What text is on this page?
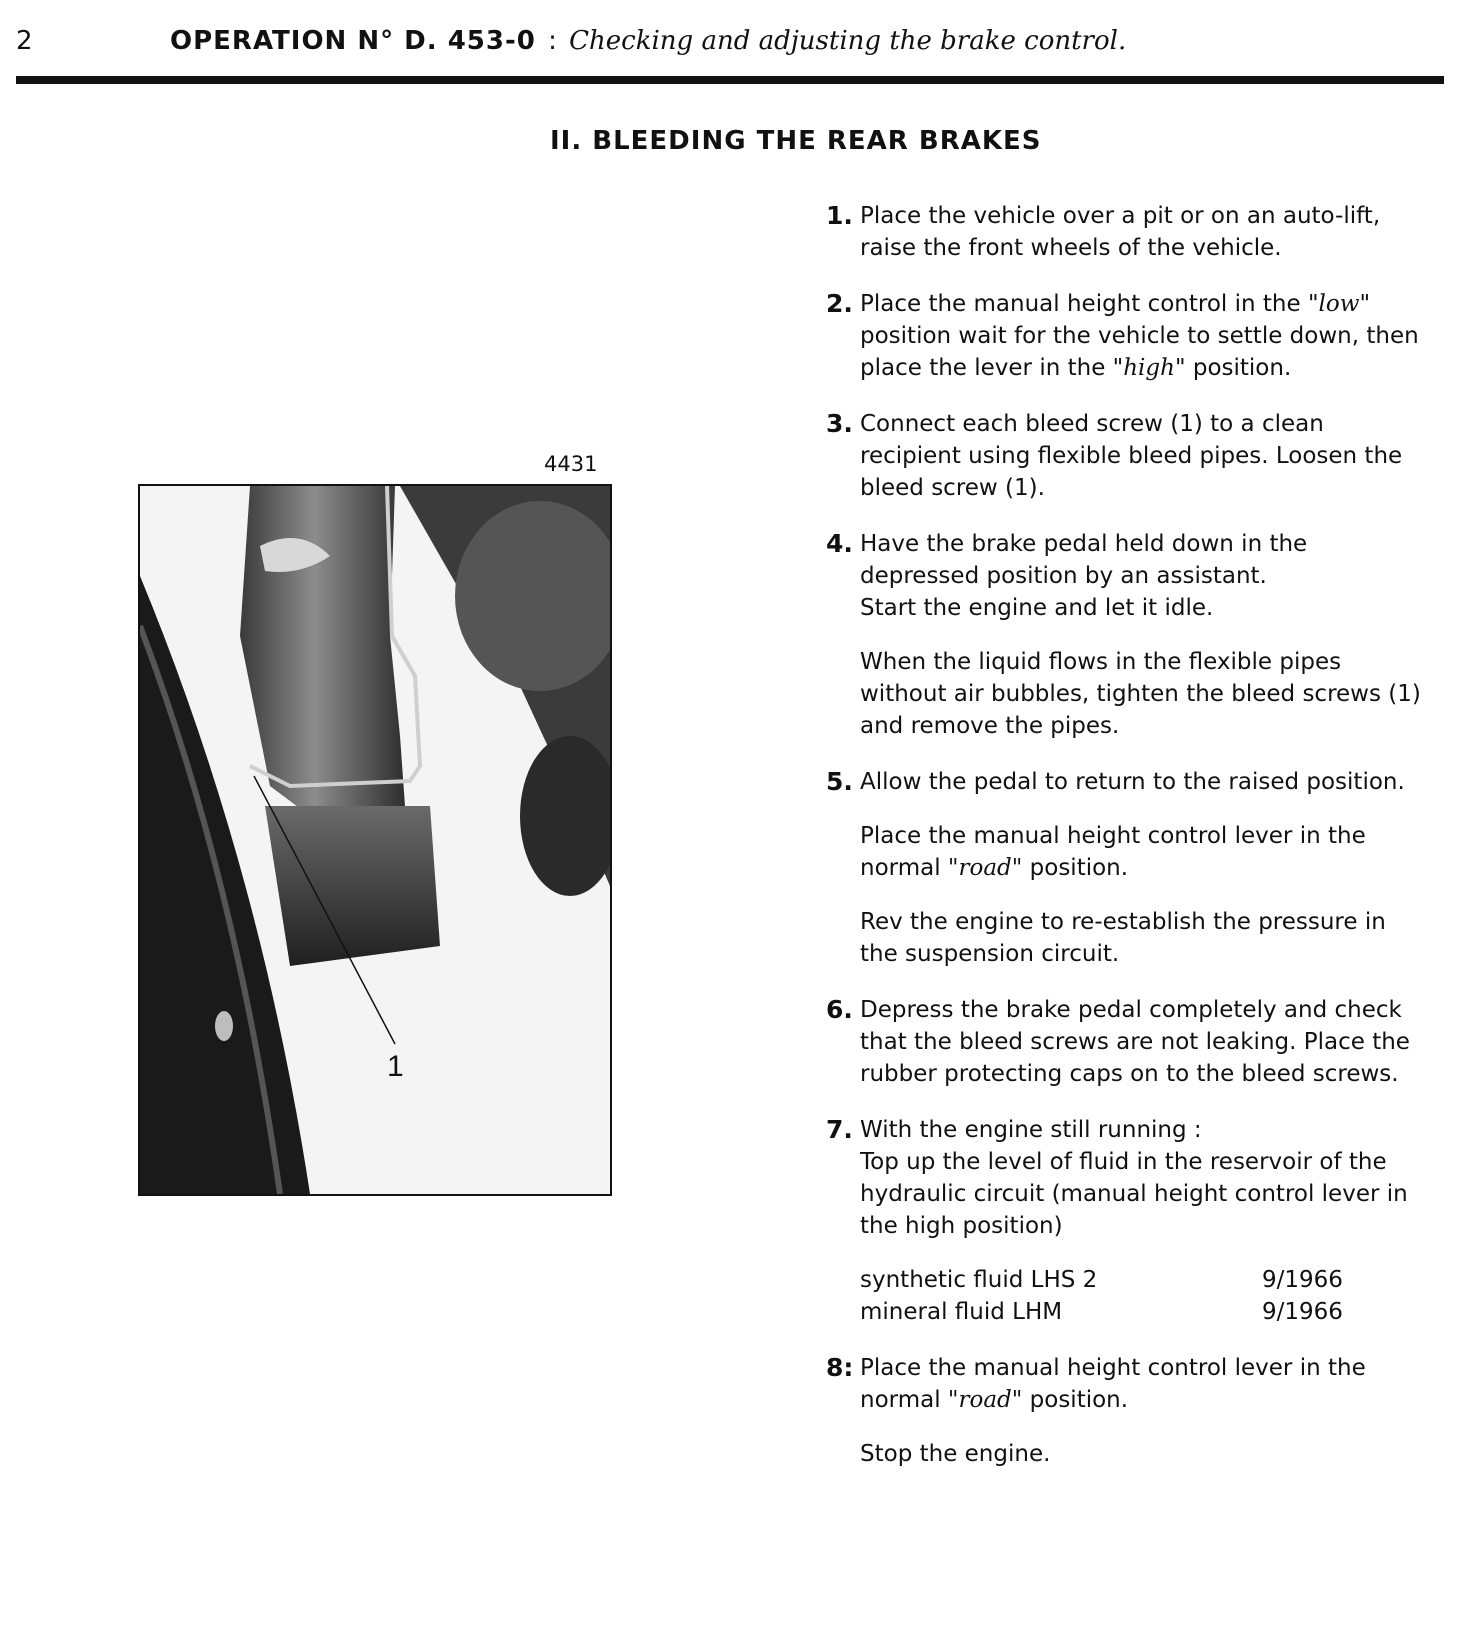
2	OPERATION N° D. 453-0 : Checking and adjusting the brake control.
II. BLEEDING THE REAR BRAKES
4431
1
1. Place the vehicle over a pit or on an auto-lift, raise the front wheels of the vehicle.
2. Place the manual height control in the "low" position wait for the vehicle to settle down, then place the lever in the "high" position.
3. Connect each bleed screw (1) to a clean recipient using flexible bleed pipes. Loosen the bleed screw (1).
4. Have the brake pedal held down in the depressed position by an assistant.
Start the engine and let it idle.
When the liquid flows in the flexible pipes without air bubbles, tighten the bleed screws (1) and remove the pipes.
5. Allow the pedal to return to the raised position.
Place the manual height control lever in the normal "road" position.
Rev the engine to re-establish the pressure in the suspension circuit.
6. Depress the brake pedal completely and check that the bleed screws are not leaking. Place the rubber protecting caps on to the bleed screws.
7. With the engine still running :
Top up the level of fluid in the reservoir of the hydraulic circuit (manual height control lever in the high position)
synthetic fluid LHS 2	9/1966
mineral fluid LHM	9/1966
8: Place the manual height control lever in the normal "road" position.
Stop the engine.
